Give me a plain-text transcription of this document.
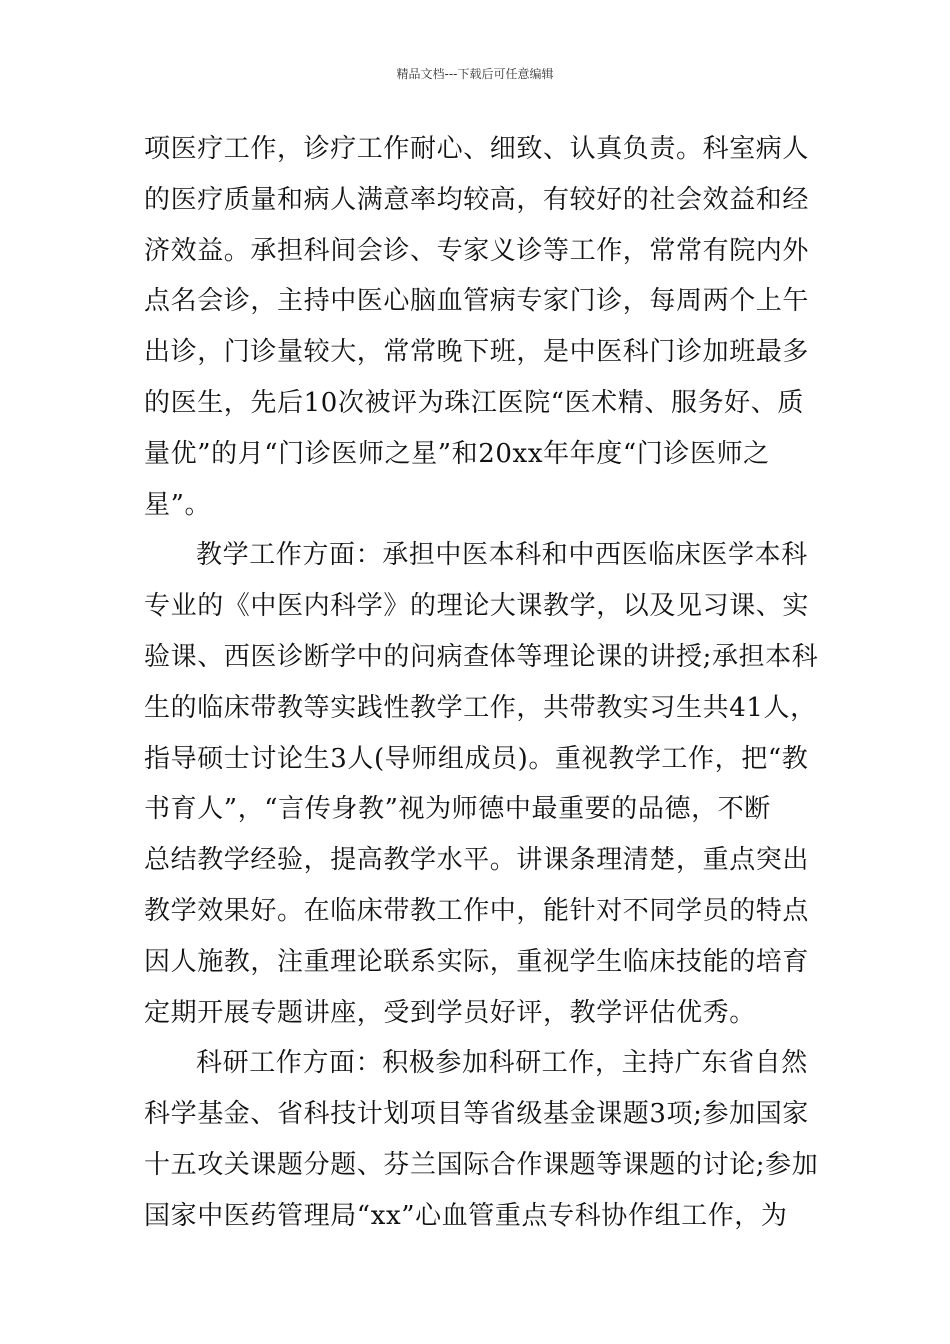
精品文档---下载后可任意编辑
项医疗工作，诊疗工作耐心、细致、认真负责。科室病人
的医疗质量和病人满意率均较高，有较好的社会效益和经
济效益。承担科间会诊、专家义诊等工作，常常有院内外
点名会诊，主持中医心脑血管病专家门诊，每周两个上午
出诊，门诊量较大，常常晚下班，是中医科门诊加班最多
的医生，先后10次被评为珠江医院“医术精、服务好、质
量优”的月“门诊医师之星”和20xx年年度“门诊医师之
星”。
教学工作方面：承担中医本科和中西医临床医学本科
专业的《中医内科学》的理论大课教学，以及见习课、实
验课、西医诊断学中的问病查体等理论课的讲授;承担本科
生的临床带教等实践性教学工作，共带教实习生共41人，
指导硕士讨论生3人(导师组成员)。重视教学工作，把“教
书育人”，“言传身教”视为师德中最重要的品德，不断
总结教学经验，提高教学水平。讲课条理清楚，重点突出
教学效果好。在临床带教工作中，能针对不同学员的特点
因人施教，注重理论联系实际，重视学生临床技能的培育
定期开展专题讲座，受到学员好评，教学评估优秀。
科研工作方面：积极参加科研工作，主持广东省自然
科学基金、省科技计划项目等省级基金课题3项;参加国家
十五攻关课题分题、芬兰国际合作课题等课题的讨论;参加
国家中医药管理局“xx”心血管重点专科协作组工作，为
